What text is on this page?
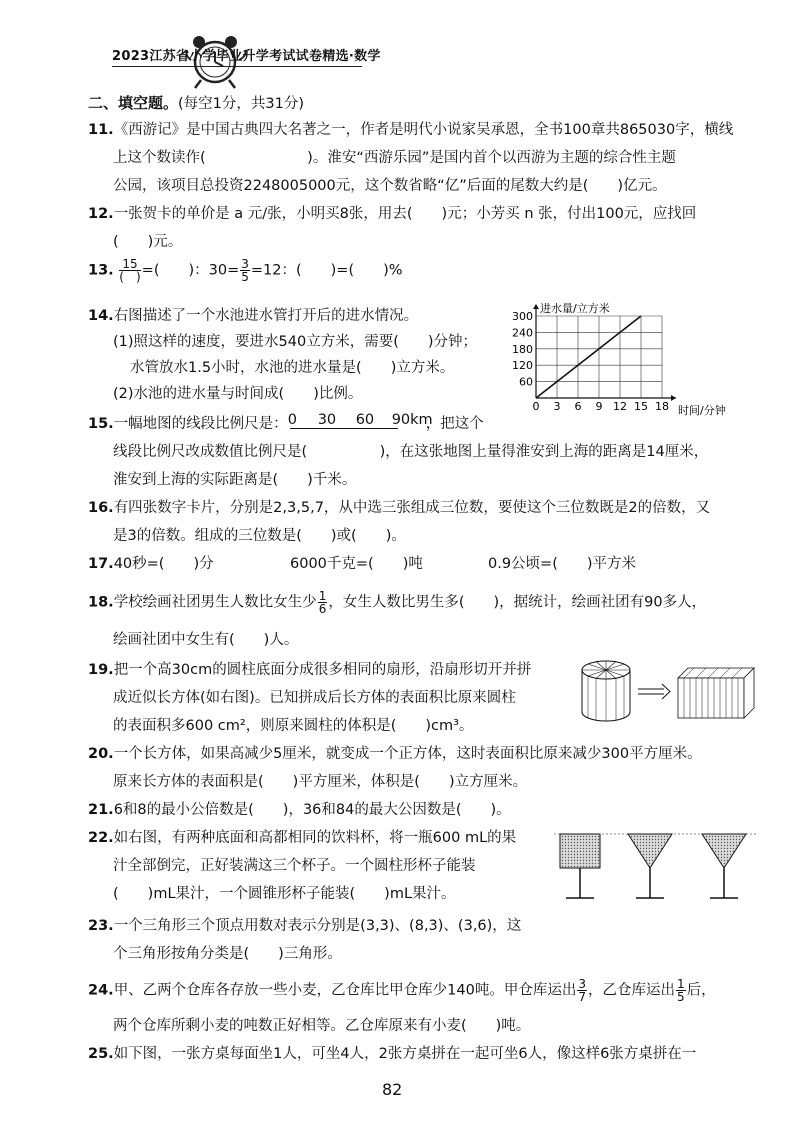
2023江苏省小学毕业升学考试试卷精选·数学
二、填空题。(每空1分，共31分)
11.《西游记》是中国古典四大名著之一，作者是明代小说家吴承恩，全书100章共865030字，横线
上这个数读作(　　　　　　　)。淮安“西游乐园”是国内首个以西游为主题的综合性主题
公园，该项目总投资2248005000元，这个数省略“亿”后面的尾数大约是(　　)亿元。
12.一张贺卡的单价是 a 元/张，小明买8张，用去(　　)元；小芳买 n 张，付出100元，应找回
(　　)元。
13. $\frac{15}{( )}$ =(　　)：$30= \frac{3}{5} =12$：(　　)=(　　)%
14.右图描述了一个水池进水管打开后的进水情况。
(1)照这样的速度，要进水540立方米，需要(　　)分钟；
水管放水1.5小时，水池的进水量是(　　)立方米。
(2)水池的进水量与时间成(　　)比例。
0 3 6 9 12 15 18
60
120
180
240
300
进水量/立方米
时间/分钟
15.一幅地图的线段比例尺是： 0 30 60 90km
，把这个
线段比例尺改成数值比例尺是(　　　　　)，在这张地图上量得淮安到上海的距离是14厘米，
淮安到上海的实际距离是(　　)千米。
16.有四张数字卡片，分别是2,3,5,7，从中选三张组成三位数，要使这个三位数既是2的倍数，又
是3的倍数。组成的三位数是(　　)或(　　)。
17.40秒=(　　)分	6000千克=(　　)吨	0.9公顷=(　　)平方米
18.学校绘画社团男生人数比女生少 $\frac{1}{6}$ ，女生人数比男生多(　　)，据统计，绘画社团有90多人，
绘画社团中女生有(　　)人。
19.把一个高30cm的圆柱底面分成很多相同的扇形，沿扇形切开并拼
成近似长方体(如右图)。已知拼成后长方体的表面积比原来圆柱
的表面积多600 cm²，则原来圆柱的体积是(　　)cm³。
20.一个长方体，如果高减少5厘米，就变成一个正方体，这时表面积比原来减少300平方厘米。
原来长方体的表面积是(　　)平方厘米，体积是(　　)立方厘米。
21.6和8的最小公倍数是(　　)，36和84的最大公因数是(　　)。
22.如右图，有两种底面和高都相同的饮料杯，将一瓶600 mL的果
汁全部倒完，正好装满这三个杯子。一个圆柱形杯子能装
(　　)mL果汁，一个圆锥形杯子能装(　　)mL果汁。
23.一个三角形三个顶点用数对表示分别是(3,3)、(8,3)、(3,6)，这
个三角形按角分类是(　　)三角形。
24.甲、乙两个仓库各存放一些小麦，乙仓库比甲仓库少140吨。甲仓库运出 $\frac{3}{7}$ ，乙仓库运出 $\frac{1}{5}$ 后，
两个仓库所剩小麦的吨数正好相等。乙仓库原来有小麦(　　)吨。
25.如下图，一张方桌每面坐1人，可坐4人，2张方桌拼在一起可坐6人，像这样6张方桌拼在一
82
